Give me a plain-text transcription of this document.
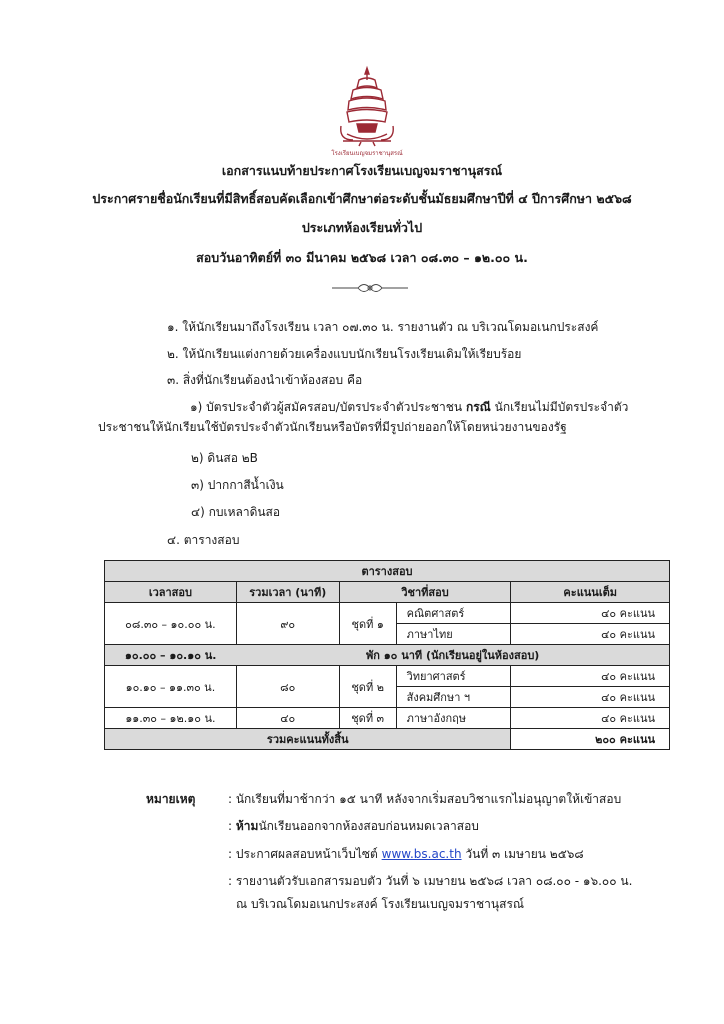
โรงเรียนเบญจมราชานุสรณ์
เอกสารแนบท้ายประกาศโรงเรียนเบญจมราชานุสรณ์
ประกาศรายชื่อนักเรียนที่มีสิทธิ์สอบคัดเลือกเข้าศึกษาต่อระดับชั้นมัธยมศึกษาปีที่ ๔ ปีการศึกษา ๒๕๖๘
ประเภทห้องเรียนทั่วไป
สอบวันอาทิตย์ที่ ๓๐ มีนาคม ๒๕๖๘ เวลา ๐๘.๓๐ – ๑๒.๐๐ น.
๑. ให้นักเรียนมาถึงโรงเรียน เวลา ๐๗.๓๐ น. รายงานตัว ณ บริเวณโดมอเนกประสงค์
๒. ให้นักเรียนแต่งกายด้วยเครื่องแบบนักเรียนโรงเรียนเดิมให้เรียบร้อย
๓. สิ่งที่นักเรียนต้องนำเข้าห้องสอบ คือ
๑) บัตรประจำตัวผู้สมัครสอบ/บัตรประจำตัวประชาชน กรณี นักเรียนไม่มีบัตรประจำตัว
ประชาชนให้นักเรียนใช้บัตรประจำตัวนักเรียนหรือบัตรที่มีรูปถ่ายออกให้โดยหน่วยงานของรัฐ
๒) ดินสอ ๒B
๓) ปากกาสีน้ำเงิน
๔) กบเหลาดินสอ
๔. ตารางสอบ
ตารางสอบ				
เวลาสอบ	รวมเวลา (นาที)	วิชาที่สอบ		คะแนนเต็ม
๐๘.๓๐ – ๑๐.๐๐ น.	๙๐	ชุดที่ ๑	คณิตศาสตร์	๔๐ คะแนน
			ภาษาไทย	๔๐ คะแนน
๑๐.๐๐ – ๑๐.๑๐ น.	พัก ๑๐ นาที (นักเรียนอยู่ในห้องสอบ)			
๑๐.๑๐ – ๑๑.๓๐ น.	๘๐	ชุดที่ ๒	วิทยาศาสตร์	๔๐ คะแนน
			สังคมศึกษา ฯ	๔๐ คะแนน
๑๑.๓๐ – ๑๒.๑๐ น.	๔๐	ชุดที่ ๓	ภาษาอังกฤษ	๔๐ คะแนน
รวมคะแนนทั้งสิ้น				๒๐๐ คะแนน
หมายเหตุ	: นักเรียนที่มาช้ากว่า ๑๕ นาที หลังจากเริ่มสอบวิชาแรกไม่อนุญาตให้เข้าสอบ
: ห้ามนักเรียนออกจากห้องสอบก่อนหมดเวลาสอบ
: ประกาศผลสอบหน้าเว็บไซต์ www.bs.ac.th วันที่ ๓ เมษายน ๒๕๖๘
: รายงานตัวรับเอกสารมอบตัว วันที่ ๖ เมษายน ๒๕๖๘ เวลา ๐๘.๐๐ - ๑๖.๐๐ น.
ณ บริเวณโดมอเนกประสงค์ โรงเรียนเบญจมราชานุสรณ์
